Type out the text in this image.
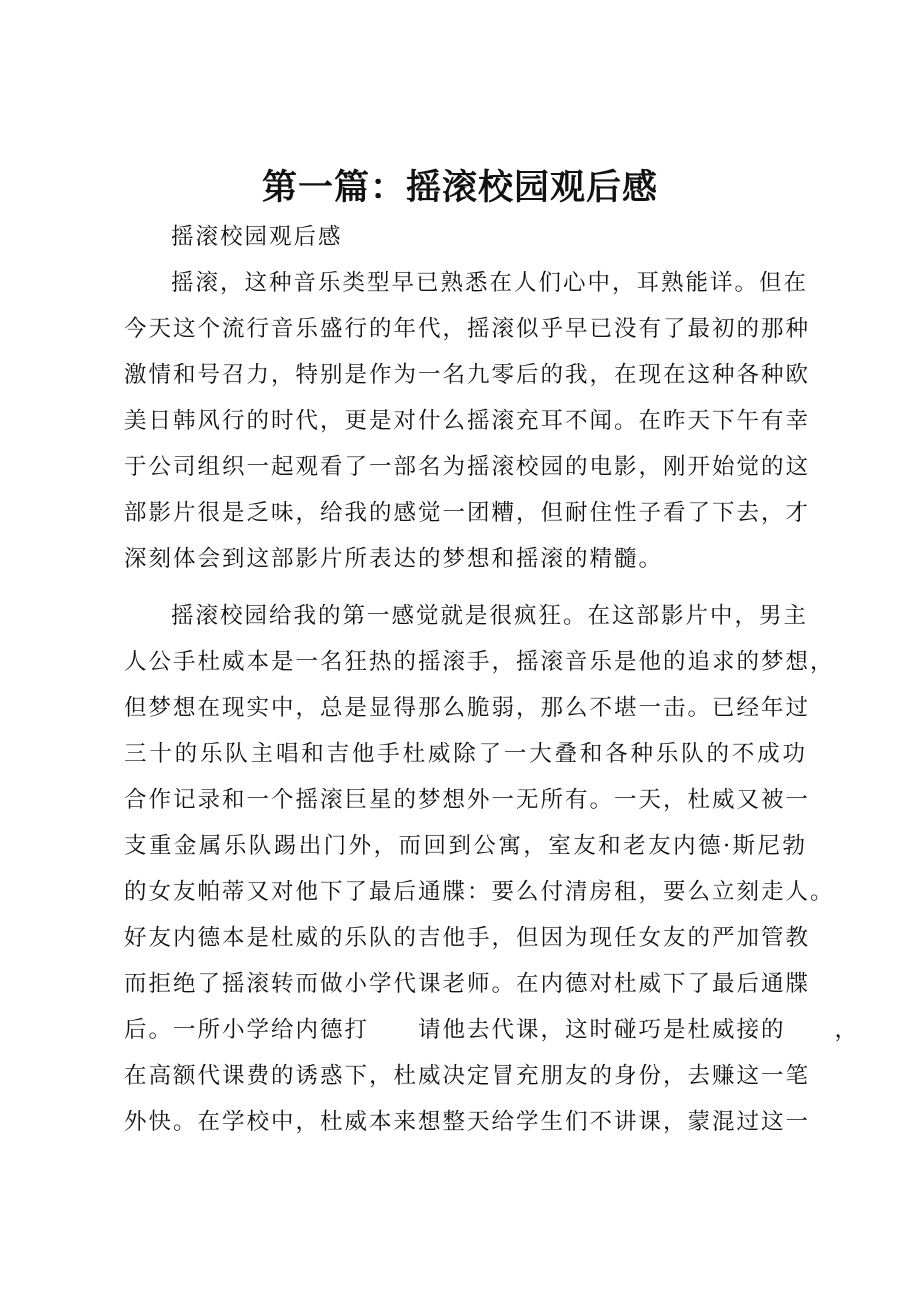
第一篇：摇滚校园观后感
摇滚校园观后感
摇滚，这种音乐类型早已熟悉在人们心中，耳熟能详。但在
今天这个流行音乐盛行的年代，摇滚似乎早已没有了最初的那种
激情和号召力，特别是作为一名九零后的我，在现在这种各种欧
美日韩风行的时代，更是对什么摇滚充耳不闻。在昨天下午有幸
于公司组织一起观看了一部名为摇滚校园的电影，刚开始觉的这
部影片很是乏味，给我的感觉一团糟，但耐住性子看了下去，才
深刻体会到这部影片所表达的梦想和摇滚的精髓。
摇滚校园给我的第一感觉就是很疯狂。在这部影片中，男主
人公手杜威本是一名狂热的摇滚手，摇滚音乐是他的追求的梦想，
但梦想在现实中，总是显得那么脆弱，那么不堪一击。已经年过
三十的乐队主唱和吉他手杜威除了一大叠和各种乐队的不成功
合作记录和一个摇滚巨星的梦想外一无所有。一天，杜威又被一
支重金属乐队踢出门外，而回到公寓，室友和老友内德·斯尼勃
的女友帕蒂又对他下了最后通牒：要么付清房租，要么立刻走人。
好友内德本是杜威的乐队的吉他手，但因为现任女友的严加管教
而拒绝了摇滚转而做小学代课老师。在内德对杜威下了最后通牒
后。一所小学给内德打　　请他去代课，这时碰巧是杜威接的　　，
在高额代课费的诱惑下，杜威决定冒充朋友的身份，去赚这一笔
外快。在学校中，杜威本来想整天给学生们不讲课，蒙混过这一
